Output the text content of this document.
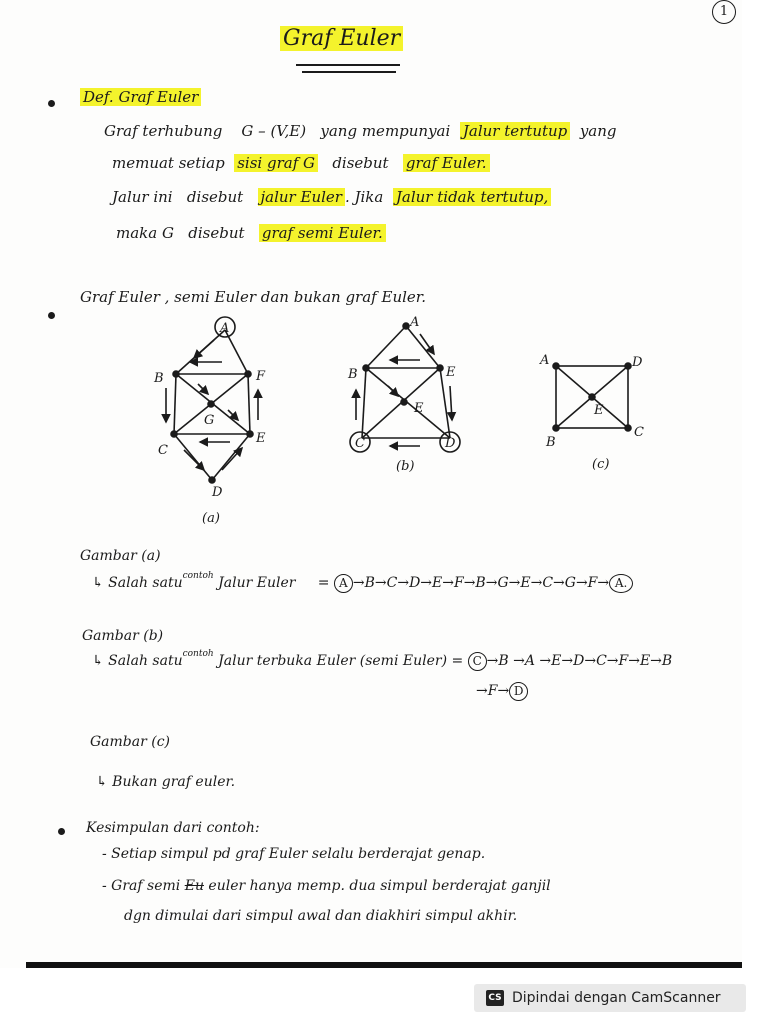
1
Graf Euler
Def. Graf Euler
Graf terhubung G – (V,E) yang mempunyai Jalur tertutup yang
memuat setiap sisi graf G disebut graf Euler.
Jalur ini disebut jalur Euler . Jika Jalur tidak tertutup,
maka G disebut graf semi Euler.
Graf Euler , semi Euler dan bukan graf Euler.
A
B	F
G
C
E
D
(a)
A
B	E
E
C	D
(b)
A	D
E
B
C
(c)
Gambar (a)
↳ Salah satu$^{contoh}$ Jalur Euler = A →B→C→D→E→F→B→G→E→C→G→F→ A.
Gambar (b)
↳ Salah satu$^{contoh}$ Jalur terbuka Euler (semi Euler) = C →B →A →E→D→C→F→E→B
→F→ D
Gambar (c)
↳ Bukan graf euler.
Kesimpulan dari contoh:
- Setiap simpul pd graf Euler selalu berderajat genap.
- Graf semi Eu euler hanya memp. dua simpul berderajat ganjil
dgn dimulai dari simpul awal dan diakhiri simpul akhir.
CS Dipindai dengan CamScanner
